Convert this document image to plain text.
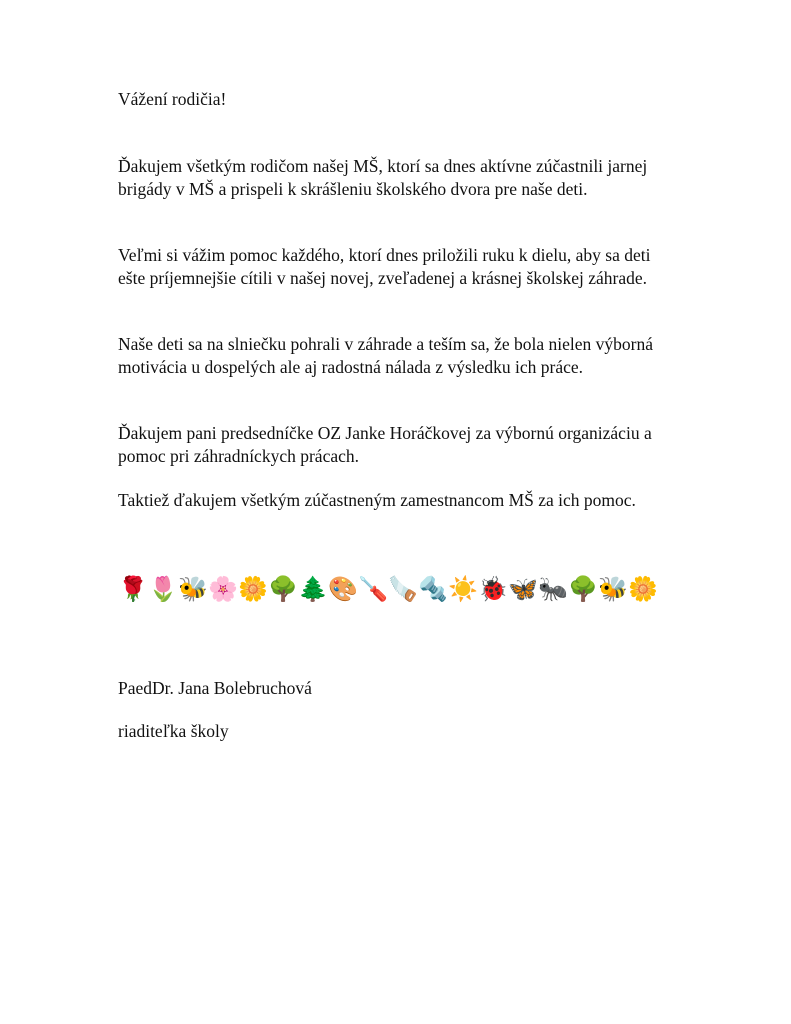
Vážení rodičia!

Ďakujem všetkým rodičom našej MŠ, ktorí sa dnes aktívne zúčastnili jarnej brigády v MŠ a prispeli k skrášleniu školského dvora pre naše deti.

Veľmi si vážim pomoc každého, ktorí dnes priložili ruku k dielu, aby sa deti ešte príjemnejšie cítili v našej novej, zveľadenej a krásnej školskej záhrade.

Naše deti sa na slniečku pohrali v záhrade a teším sa, že bola nielen výborná motivácia u dospelých ale aj radostná nálada z výsledku ich práce.

Ďakujem pani predsedníčke OZ Janke Horáčkovej za výbornú organizáciu a pomoc pri záhradníckych prácach.

Taktiež ďakujem všetkým zúčastneným zamestnancom MŠ za ich pomoc.

🌹 🌷 🐝 🌸 🌼 🌳 🌲 🎨 🪛 🪚 🔩 ☀️ 🐞 🦋 🐜 🌳 🐝 🌼

PaedDr. Jana Bolebruchová

riaditeľka školy
